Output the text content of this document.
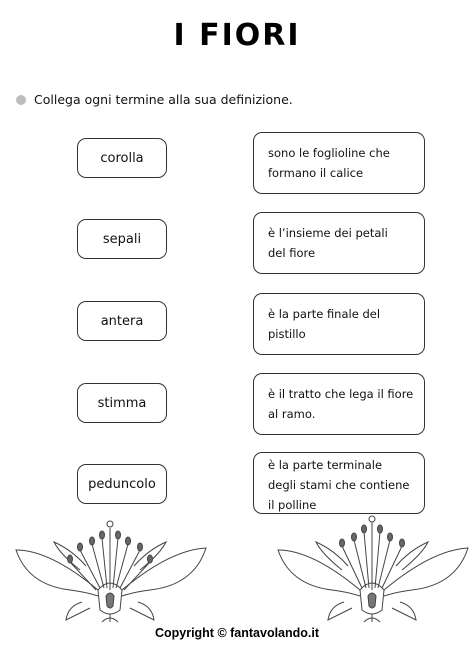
I FIORI
Collega ogni termine alla sua definizione.
corolla
sepali
antera
stimma
peduncolo
sono le foglioline che
formano il calice
è l’insieme dei petali
del fiore
è la parte finale del
pistillo
è il tratto che lega il fiore
al ramo.
è la parte terminale
degli stami che contiene
il polline
Copyright © fantavolando.it
